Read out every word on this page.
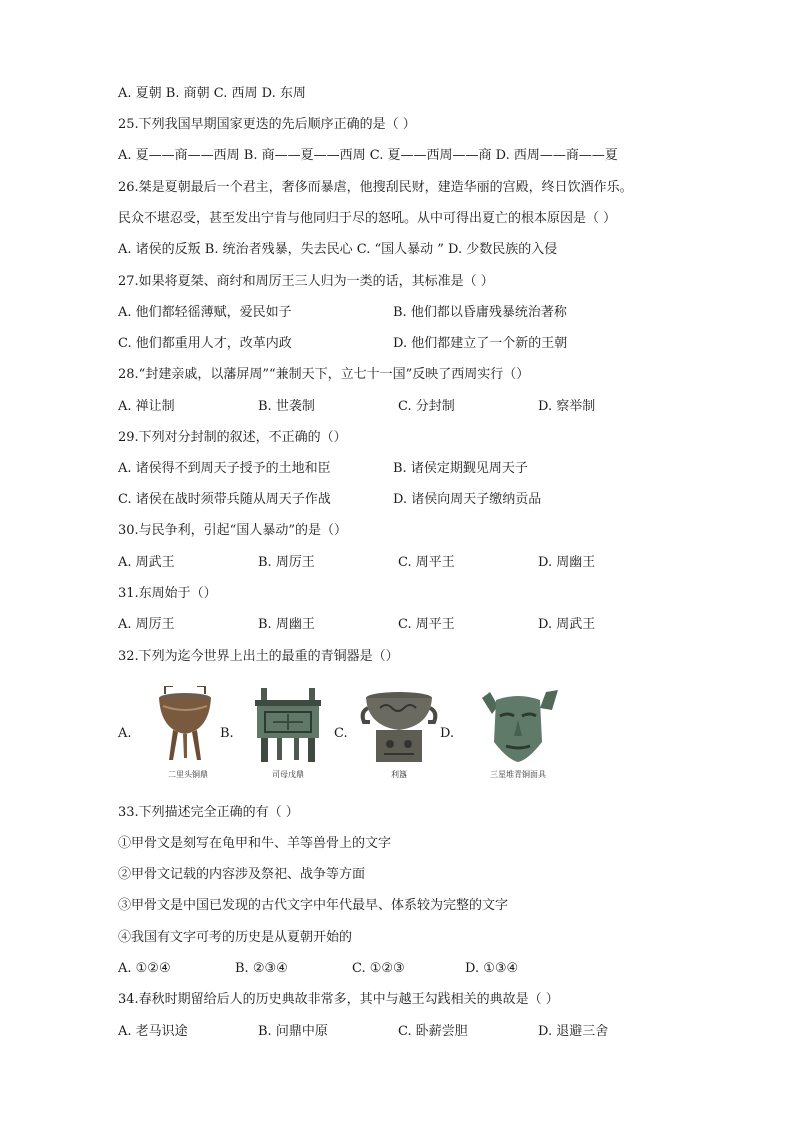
A. 夏朝 B. 商朝 C. 西周 D. 东周
25.下列我国早期国家更迭的先后顺序正确的是（ ）
A. 夏——商——西周 B. 商——夏——西周 C. 夏——西周——商 D. 西周——商——夏
26.桀是夏朝最后一个君主，奢侈而暴虐，他搜刮民财，建造华丽的宫殿，终日饮酒作乐。
民众不堪忍受，甚至发出宁肯与他同归于尽的怒吼。从中可得出夏亡的根本原因是（ ）
A. 诸侯的反叛 B. 统治者残暴，失去民心 C. “国人暴动 ” D. 少数民族的入侵
27.如果将夏桀、商纣和周厉王三人归为一类的话，其标准是（ ）
A. 他们都轻徭薄赋，爱民如子	B. 他们都以昏庸残暴统治著称
C. 他们都重用人才，改革内政	D. 他们都建立了一个新的王朝
28.“封建亲戚，以藩屏周”“兼制天下，立七十一国”反映了西周实行（）
A. 禅让制	B. 世袭制	C. 分封制	D. 察举制
29.下列对分封制的叙述，不正确的（）
A. 诸侯得不到周天子授予的土地和臣	B. 诸侯定期觐见周天子
C. 诸侯在战时须带兵随从周天子作战	D. 诸侯向周天子缴纳贡品
30.与民争利，引起“国人暴动”的是（）
A. 周武王	B. 周厉王	C. 周平王	D. 周幽王
31.东周始于（）
A. 周厉王	B. 周幽王	C. 周平王	D. 周武王
32.下列为迄今世界上出土的最重的青铜器是（）
A.
二里头铜鼎
B.
司母戊鼎
C.
利簋
D.
三星堆青铜面具
33.下列描述完全正确的有（ ）
①甲骨文是刻写在龟甲和牛、羊等兽骨上的文字
②甲骨文记载的内容涉及祭祀、战争等方面
③甲骨文是中国已发现的古代文字中年代最早、体系较为完整的文字
④我国有文字可考的历史是从夏朝开始的
A. ①②④	B. ②③④	C. ①②③	D. ①③④
34.春秋时期留给后人的历史典故非常多，其中与越王勾践相关的典故是（ ）
A. 老马识途	B. 问鼎中原	C. 卧薪尝胆	D. 退避三舍
